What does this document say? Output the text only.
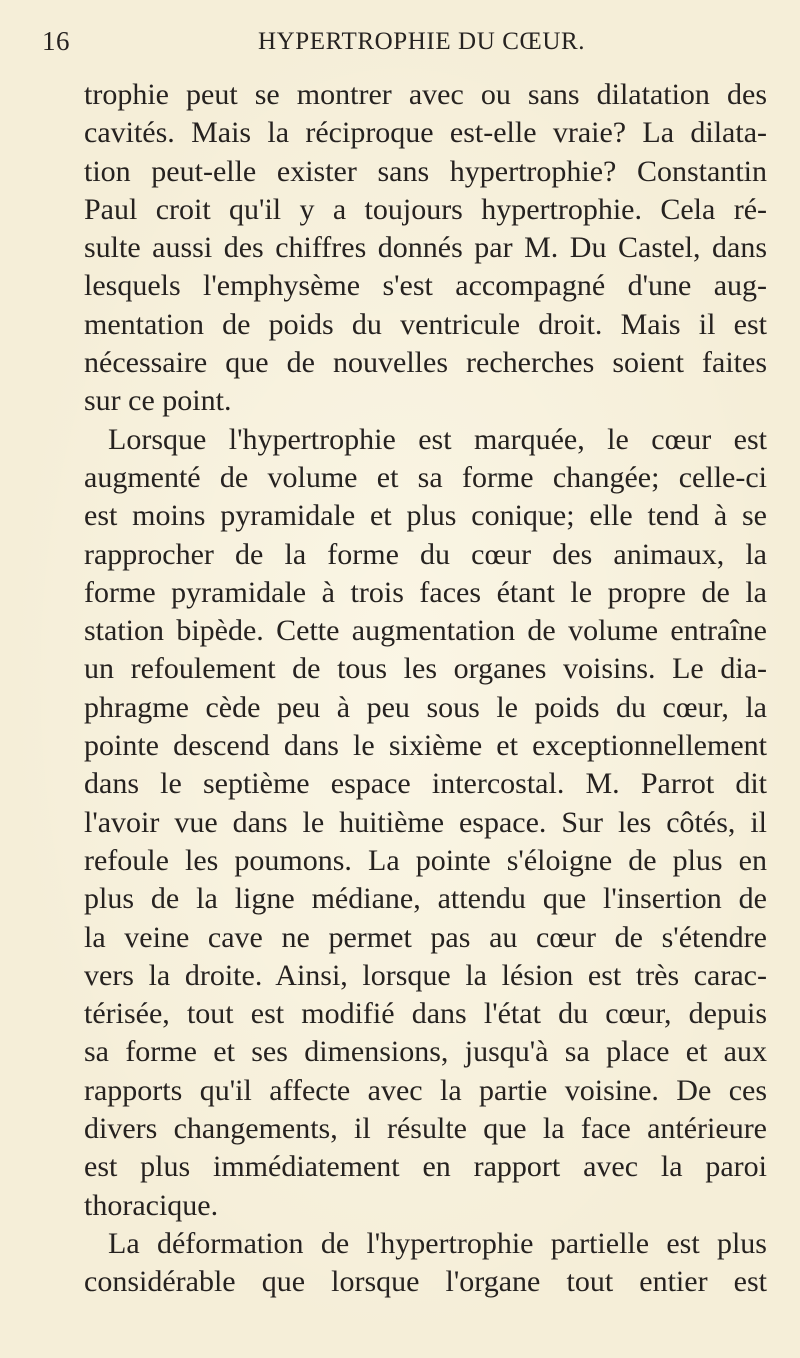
16	HYPERTROPHIE DU CŒUR.
trophie peut se montrer avec ou sans dilatation des
cavités. Mais la réciproque est-elle vraie? La dilata-
tion peut-elle exister sans hypertrophie? Constantin
Paul croit qu'il y a toujours hypertrophie. Cela ré-
sulte aussi des chiffres donnés par M. Du Castel, dans
lesquels l'emphysème s'est accompagné d'une aug-
mentation de poids du ventricule droit. Mais il est
nécessaire que de nouvelles recherches soient faites
sur ce point.
Lorsque l'hypertrophie est marquée, le cœur est
augmenté de volume et sa forme changée; celle-ci
est moins pyramidale et plus conique; elle tend à se
rapprocher de la forme du cœur des animaux, la
forme pyramidale à trois faces étant le propre de la
station bipède. Cette augmentation de volume entraîne
un refoulement de tous les organes voisins. Le dia-
phragme cède peu à peu sous le poids du cœur, la
pointe descend dans le sixième et exceptionnellement
dans le septième espace intercostal. M. Parrot dit
l'avoir vue dans le huitième espace. Sur les côtés, il
refoule les poumons. La pointe s'éloigne de plus en
plus de la ligne médiane, attendu que l'insertion de
la veine cave ne permet pas au cœur de s'étendre
vers la droite. Ainsi, lorsque la lésion est très carac-
térisée, tout est modifié dans l'état du cœur, depuis
sa forme et ses dimensions, jusqu'à sa place et aux
rapports qu'il affecte avec la partie voisine. De ces
divers changements, il résulte que la face antérieure
est plus immédiatement en rapport avec la paroi
thoracique.
La déformation de l'hypertrophie partielle est plus
considérable que lorsque l'organe tout entier est
